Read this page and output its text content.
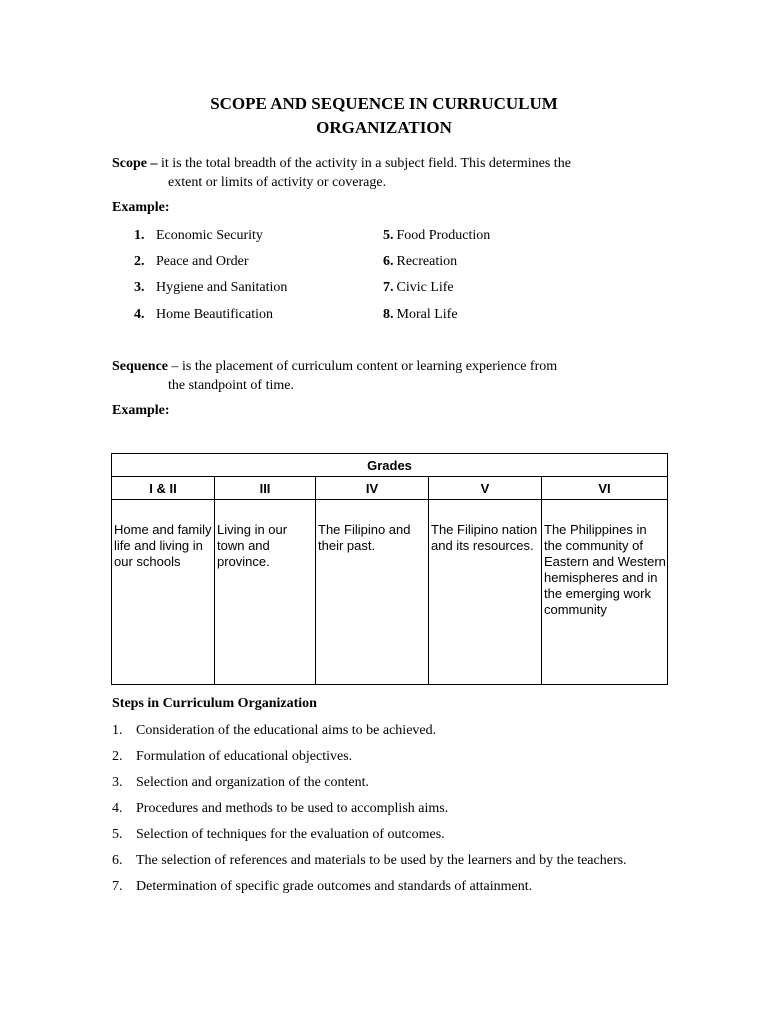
SCOPE AND SEQUENCE IN CURRUCULUM
ORGANIZATION
Scope – it is the total breadth of the activity in a subject field. This determines the
extent or limits of activity or coverage.
Example:
1. Economic Security
2. Peace and Order
3. Hygiene and Sanitation
4. Home Beautification
5. Food Production
6. Recreation
7. Civic Life
8. Moral Life
Sequence – is the placement of curriculum content or learning experience from
the standpoint of time.
Example:
Grades				
I & II	III	IV	V	VI
Home and family life and living in our schools	Living in our town and province.	The Filipino and their past.	The Filipino nation and its resources.	The Philippines in the community of Eastern and Western hemispheres and in the emerging work community
Steps in Curriculum Organization
1. Consideration of the educational aims to be achieved.
2. Formulation of educational objectives.
3. Selection and organization of the content.
4. Procedures and methods to be used to accomplish aims.
5. Selection of techniques for the evaluation of outcomes.
6. The selection of references and materials to be used by the learners and by the teachers.
7. Determination of specific grade outcomes and standards of attainment.
